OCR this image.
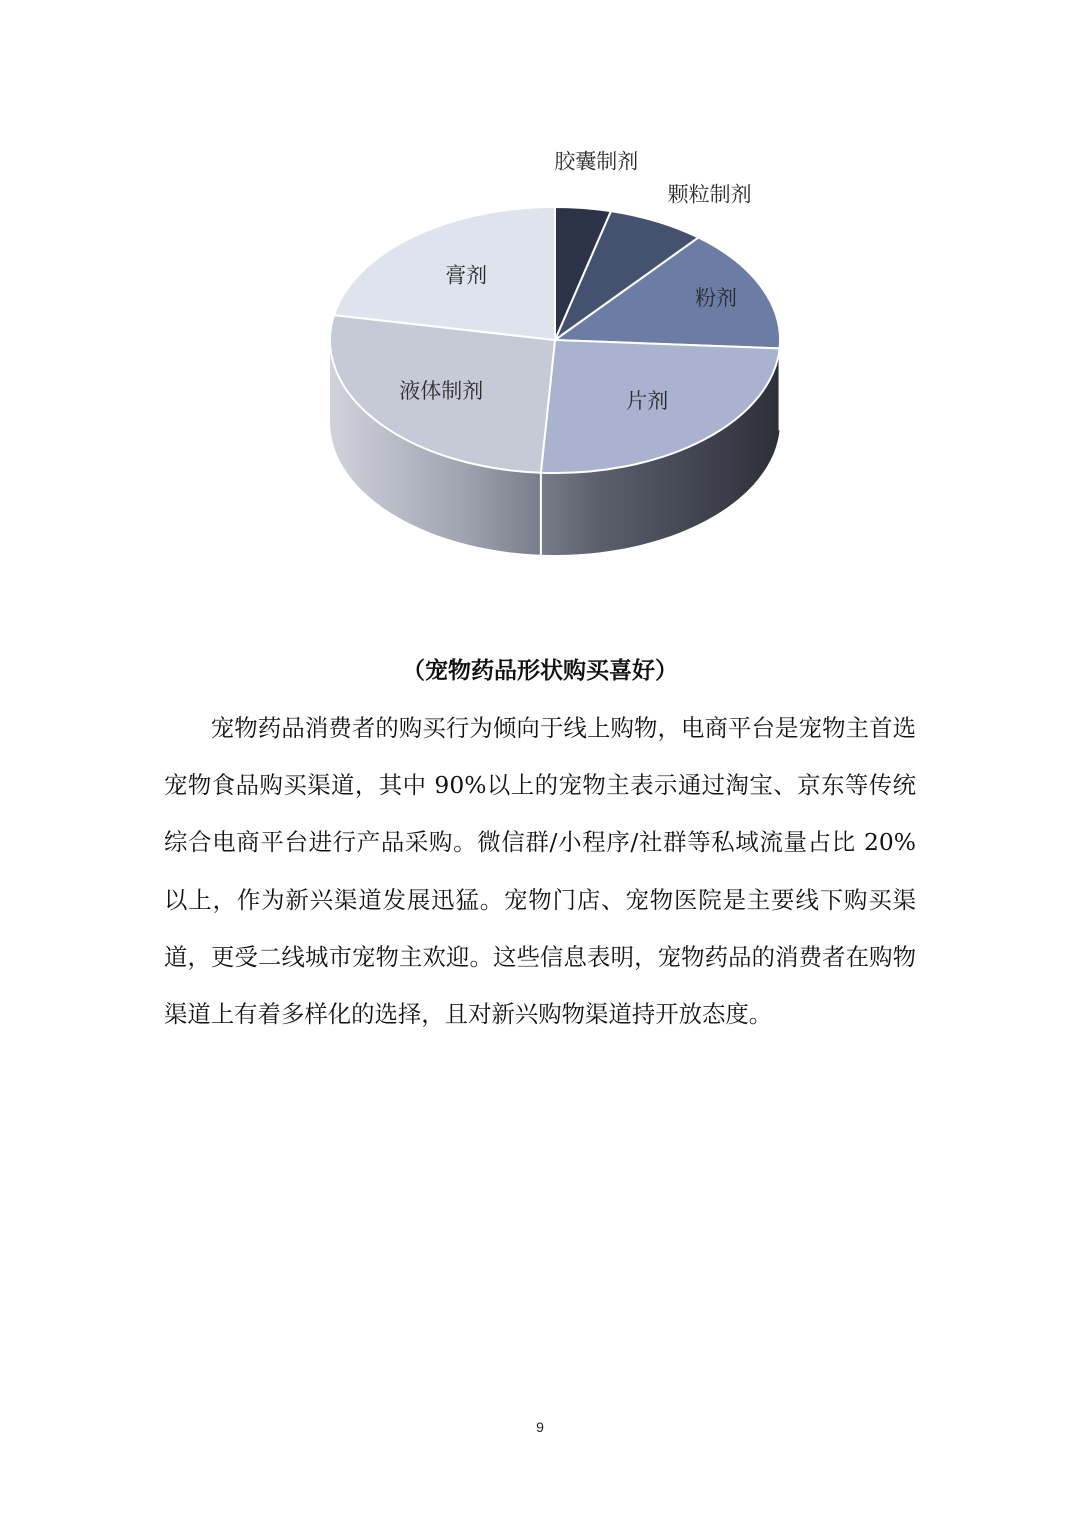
胶囊制剂
颗粒制剂
粉剂
片剂
液体制剂
膏剂
（宠物药品形状购买喜好）

宠物药品消费者的购买行为倾向于线上购物，电商平台是宠物主首选宠物食品购买渠道，其中 90%以上的宠物主表示通过淘宝、京东等传统综合电商平台进行产品采购。微信群/小程序/社群等私域流量占比 20%以上，作为新兴渠道发展迅猛。宠物门店、宠物医院是主要线下购买渠道，更受二线城市宠物主欢迎。这些信息表明，宠物药品的消费者在购物渠道上有着多样化的选择，且对新兴购物渠道持开放态度。

9
